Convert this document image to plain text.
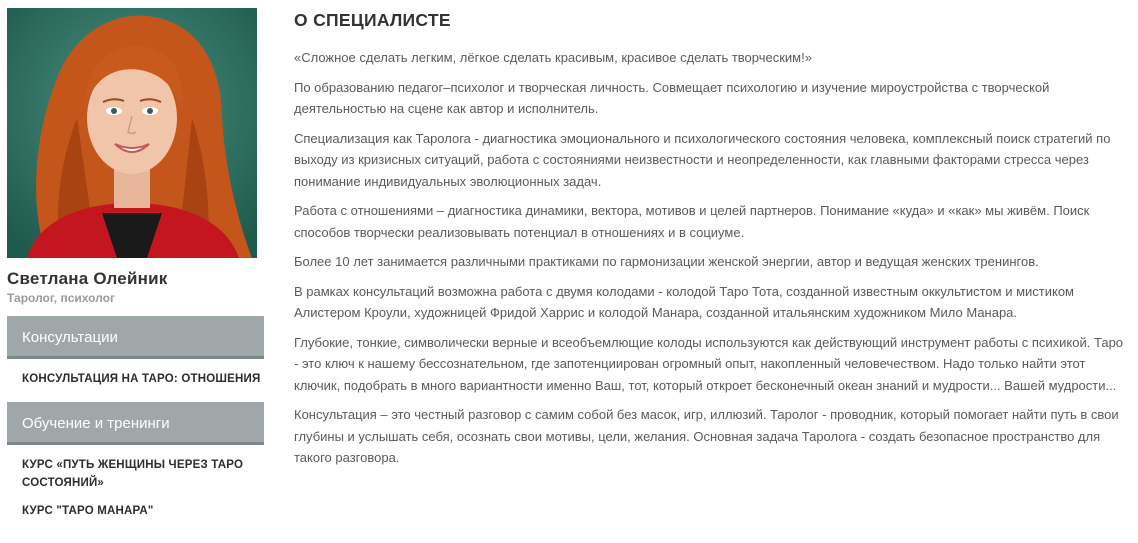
Светлана Олейник
Таролог, психолог
Консультации
КОНСУЛЬТАЦИЯ НА ТАРО: ОТНОШЕНИЯ
Обучение и тренинги
КУРС «ПУТЬ ЖЕНЩИНЫ ЧЕРЕЗ ТАРО СОСТОЯНИЙ»
КУРС "ТАРО МАНАРА"
О СПЕЦИАЛИСТЕ

«Сложное сделать легким, лёгкое сделать красивым, красивое сделать творческим!»

По образованию педагог–психолог и творческая личность. Совмещает психологию и изучение мироустройства с творческой деятельностью на сцене как автор и исполнитель.

Специализация как Таролога - диагностика эмоционального и психологического состояния человека, комплексный поиск стратегий по выходу из кризисных ситуаций, работа с состояниями неизвестности и неопределенности, как главными факторами стресса через понимание индивидуальных эволюционных задач.

Работа с отношениями – диагностика динамики, вектора, мотивов и целей партнеров. Понимание «куда» и «как» мы живём. Поиск способов творчески реализовывать потенциал в отношениях и в социуме.

Более 10 лет занимается различными практиками по гармонизации женской энергии, автор и ведущая женских тренингов.

В рамках консультаций возможна работа с двумя колодами - колодой Таро Тота, созданной известным оккультистом и мистиком Алистером Кроули, художницей Фридой Харрис и колодой Манара, созданной итальянским художником Мило Манара.

Глубокие, тонкие, символически верные и всеобъемлющие колоды используются как действующий инструмент работы с психикой. Таро - это ключ к нашему бессознательном, где запотенциирован огромный опыт, накопленный человечеством. Надо только найти этот ключик, подобрать в много вариантности именно Ваш, тот, который откроет бесконечный океан знаний и мудрости... Вашей мудрости...

Консультация – это честный разговор с самим собой без масок, игр, иллюзий. Таролог - проводник, который помогает найти путь в свои глубины и услышать себя, осознать свои мотивы, цели, желания. Основная задача Таролога - создать безопасное пространство для такого разговора.
